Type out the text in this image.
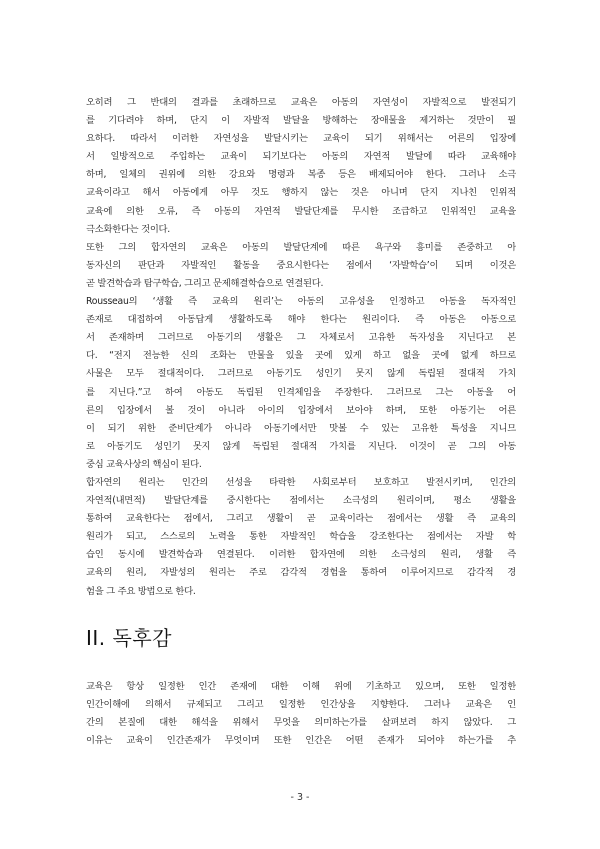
오히려 그 반대의 결과를 초래하므로 교육은 아동의 자연성이 자발적으로 발전되기
를 기다려야 하며, 단지 이 자발적 발달을 방해하는 장애물을 제거하는 것만이 필
요하다. 따라서 이러한 자연성을 발달시키는 교육이 되기 위해서는 어른의 입장에
서 일방적으로 주입하는 교육이 되기보다는 아동의 자연적 발달에 따라 교육해야
하며, 일체의 권위에 의한 강요와 명령과 복종 등은 배제되어야 한다. 그러나 소극
교육이라고 해서 아동에게 아무 것도 행하지 않는 것은 아니며 단지 지나친 인위적
교육에 의한 오류, 즉 아동의 자연적 발달단계를 무시한 조급하고 인위적인 교육을
극소화한다는 것이다.
또한 그의 합자연의 교육은 아동의 발달단계에 따른 욕구와 흥미를 존중하고 아
동자신의 판단과 자발적인 활동을 중요시한다는 점에서 ‘자발학습’이 되며 이것은
곧 발견학습과 탐구학습, 그리고 문제해결학습으로 연결된다.
Rousseau의 ‘생활 즉 교육의 원리’는 아동의 고유성을 인정하고 아동을 독자적인
존재로 대접하여 아동답게 생활하도록 해야 한다는 원리이다. 즉 아동은 아동으로
서 존재하며 그러므로 아동기의 생활은 그 자체로서 고유한 독자성을 지닌다고 본
다. “전지 전능한 신의 조화는 만물을 있을 곳에 있게 하고 없을 곳에 없게 하므로
사물은 모두 절대적이다. 그러므로 아동기도 성인기 못지 않게 독립된 절대적 가치
를 지닌다.”고 하여 아동도 독립된 인격체임을 주장한다. 그러므로 그는 아동을 어
른의 입장에서 볼 것이 아니라 아이의 입장에서 보아야 하며, 또한 아동기는 어른
이 되기 위한 준비단계가 아니라 아동기에서만 맛볼 수 있는 고유한 특성을 지니므
로 아동기도 성인기 못지 않게 독립된 절대적 가치를 지닌다. 이것이 곧 그의 아동
중심 교육사상의 핵심이 된다.
합자연의 원리는 인간의 선성을 타락한 사회로부터 보호하고 발전시키며, 인간의
자연적(내면적) 발달단계를 중시한다는 점에서는 소극성의 원리이며, 평소 생활을
통하여 교육한다는 점에서, 그리고 생활이 곧 교육이라는 점에서는 생활 즉 교육의
원리가 되고, 스스로의 노력을 통한 자발적인 학습을 강조한다는 점에서는 자발 학
습인 동시에 발견학습과 연결된다. 이러한 합자연에 의한 소극성의 원리, 생활 즉
교육의 원리, 자발성의 원리는 주로 감각적 경험을 통하여 이루어지므로 감각적 경
험을 그 주요 방법으로 한다.
II. 독후감
교육은 항상 일정한 인간 존재에 대한 이해 위에 기초하고 있으며, 또한 일정한
인간이해에 의해서 규제되고 그리고 일정한 인간상을 지향한다. 그러나 교육은 인
간의 본질에 대한 해석을 위해서 무엇을 의미하는가를 살펴보려 하지 않았다. 그
이유는 교육이 인간존재가 무엇이며 또한 인간은 어떤 존재가 되어야 하는가를 추
- 3 -
